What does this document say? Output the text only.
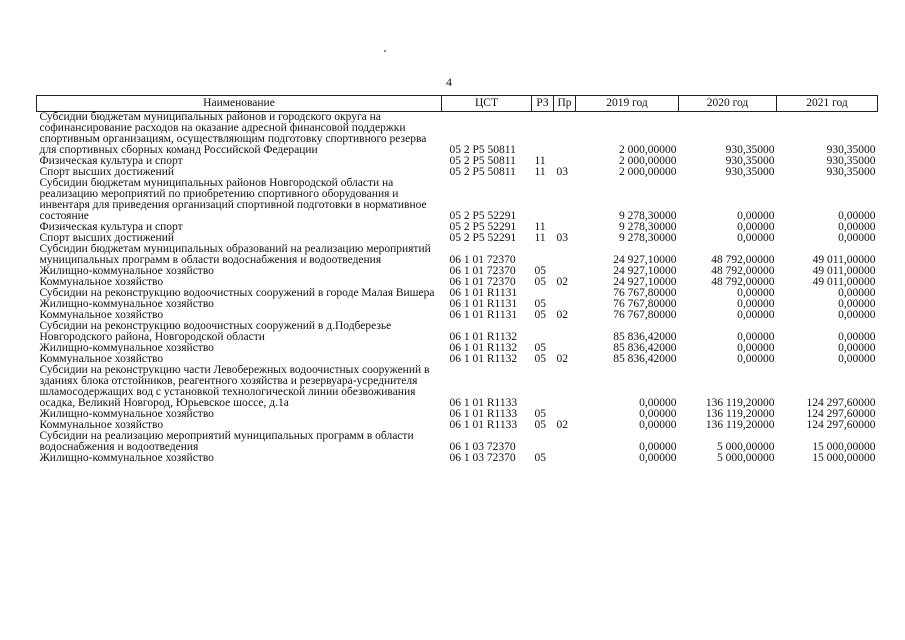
4
Наименование	ЦСТ	РЗ	Пр	2019 год	2020 год	2021 год
Субсидии бюджетам муниципальных районов и городского округа на софинансирование расходов на оказание адресной финансовой поддержки спортивным организациям, осуществляющим подготовку спортивного резерва для спортивных сборных команд Российской Федерации	05 2 P5 50811			2 000,00000	930,35000	930,35000
Физическая культура и спорт	05 2 P5 50811	11		2 000,00000	930,35000	930,35000
Спорт высших достижений	05 2 P5 50811	11	03	2 000,00000	930,35000	930,35000
Субсидии бюджетам муниципальных районов Новгородской области на реализацию мероприятий по приобретению спортивного оборудования и инвентаря для приведения организаций спортивной подготовки в нормативное состояние	05 2 P5 52291			9 278,30000	0,00000	0,00000
Физическая культура и спорт	05 2 P5 52291	11		9 278,30000	0,00000	0,00000
Спорт высших достижений	05 2 P5 52291	11	03	9 278,30000	0,00000	0,00000
Субсидии бюджетам муниципальных образований на реализацию мероприятий муниципальных программ в области водоснабжения и водоотведения	06 1 01 72370			24 927,10000	48 792,00000	49 011,00000
Жилищно-коммунальное хозяйство	06 1 01 72370	05		24 927,10000	48 792,00000	49 011,00000
Коммунальное хозяйство	06 1 01 72370	05	02	24 927,10000	48 792,00000	49 011,00000
Субсидии на реконструкцию водоочистных сооружений в городе Малая Вишера	06 1 01 R1131			76 767,80000	0,00000	0,00000
Жилищно-коммунальное хозяйство	06 1 01 R1131	05		76 767,80000	0,00000	0,00000
Коммунальное хозяйство	06 1 01 R1131	05	02	76 767,80000	0,00000	0,00000
Субсидии на реконструкцию водоочистных сооружений в д.Подберезье Новгородского района, Новгородской области	06 1 01 R1132			85 836,42000	0,00000	0,00000
Жилищно-коммунальное хозяйство	06 1 01 R1132	05		85 836,42000	0,00000	0,00000
Коммунальное хозяйство	06 1 01 R1132	05	02	85 836,42000	0,00000	0,00000
Субсидии на реконструкцию части Левобережных водоочистных сооружений в зданиях блока отстойников, реагентного хозяйства и резервуара-усреднителя шламосодержащих вод с установкой технологической линии обезвоживания осадка, Великий Новгород, Юрьевское шоссе, д.1а	06 1 01 R1133			0,00000	136 119,20000	124 297,60000
Жилищно-коммунальное хозяйство	06 1 01 R1133	05		0,00000	136 119,20000	124 297,60000
Коммунальное хозяйство	06 1 01 R1133	05	02	0,00000	136 119,20000	124 297,60000
Субсидии на реализацию мероприятий муниципальных программ в области водоснабжения и водоотведения	06 1 03 72370			0,00000	5 000,00000	15 000,00000
Жилищно-коммунальное хозяйство	06 1 03 72370	05		0,00000	5 000,00000	15 000,00000
